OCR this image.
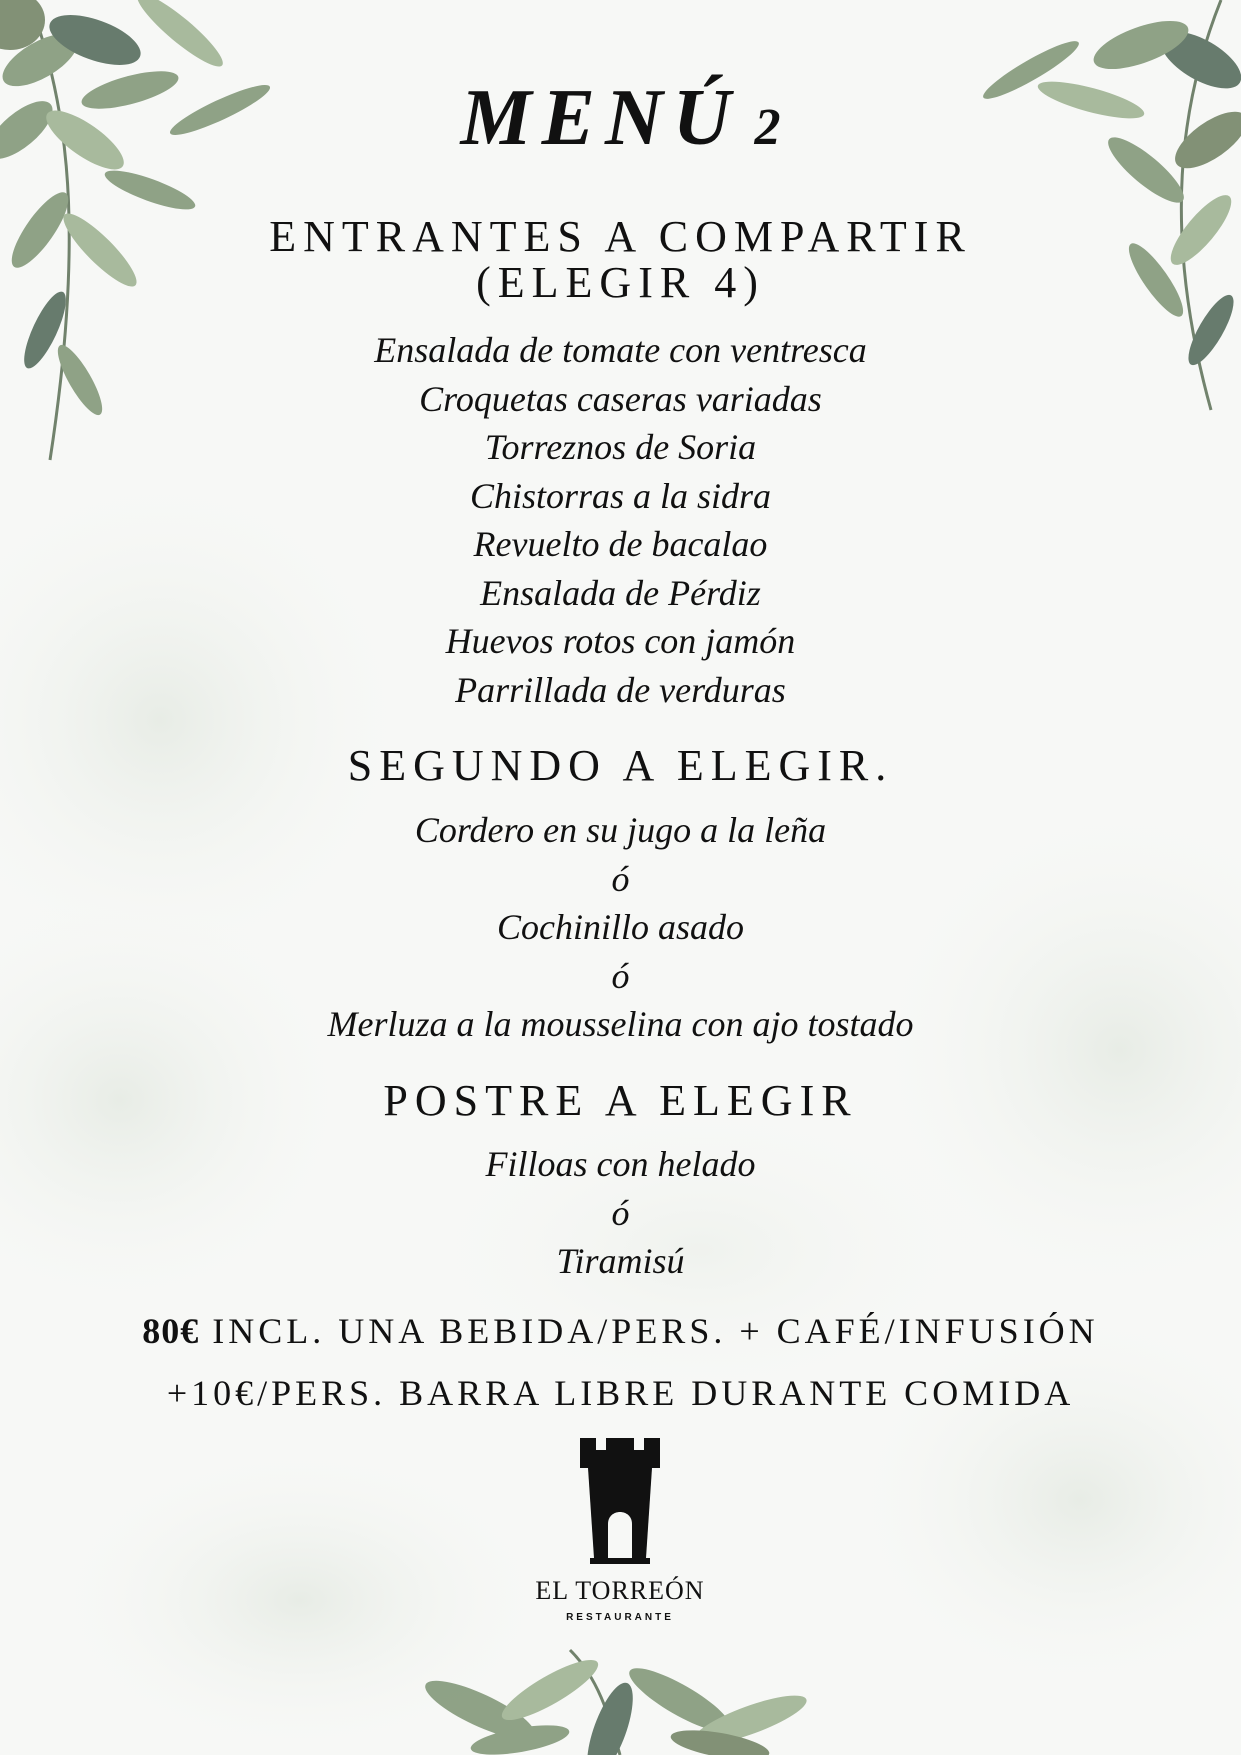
MENÚ 2
ENTRANTES A COMPARTIR
(ELEGIR 4)
Ensalada de tomate con ventresca
Croquetas caseras variadas
Torreznos de Soria
Chistorras a la sidra
Revuelto de bacalao
Ensalada de Pérdiz
Huevos rotos con jamón
Parrillada de verduras
SEGUNDO A ELEGIR.
Cordero en su jugo a la leña
ó
Cochinillo asado
ó
Merluza a la mousselina con ajo tostado
POSTRE A ELEGIR
Filloas con helado
ó
Tiramisú
80€ INCL. UNA BEBIDA/PERS. + CAFÉ/INFUSIÓN
+10€/PERS. BARRA LIBRE DURANTE COMIDA
EL TORREÓN
RESTAURANTE
